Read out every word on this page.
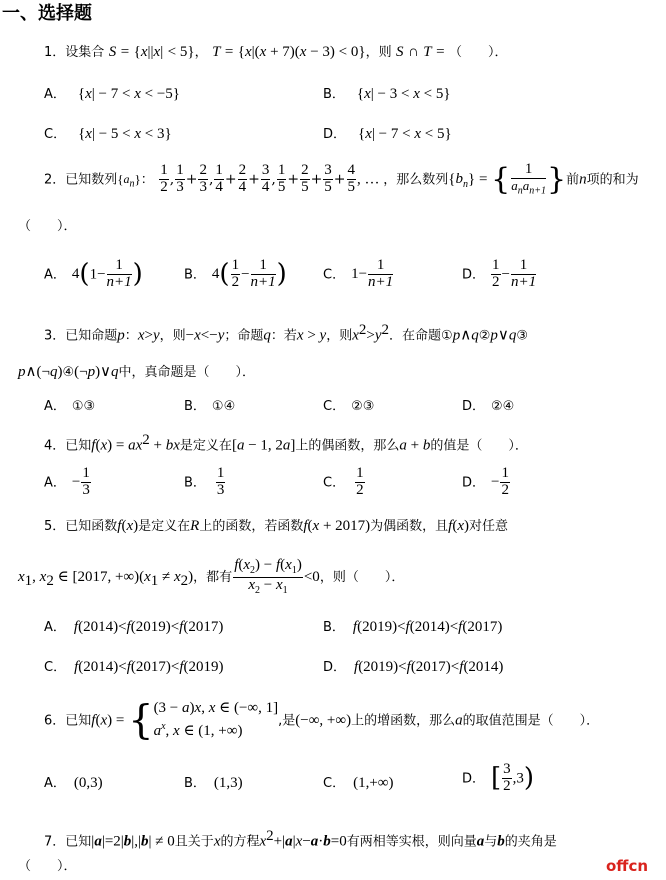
一、选择题
1．设集合 S = {x||x| < 5}， T = {x|(x + 7)(x − 3) < 0}，则 S ∩ T = （　　）．
A． {x| − 7 < x < −5}	B． {x| − 3 < x < 5}
C． {x| − 5 < x < 3}	D． {x| − 7 < x < 5}
2．已知数列$\{a_n\}$： $\frac{1}{2}$ , $\frac{1}{3} + \frac{2}{3}$ , $\frac{1}{4} + \frac{2}{4} + \frac{3}{4}$ , $\frac{1}{5} + \frac{2}{5} + \frac{3}{5} + \frac{4}{5}$ , … ，那么数列$\{b_n\}$ = { $\frac{1}{a_na_{n+1}}$ }前n项的和为
（　　）．
A． $4(1- \frac{1}{n+1}$ )	B． $4( \frac{1}{2} - \frac{1}{n+1}$ )	C． $1- \frac{1}{n+1}$	D． $\frac{1}{2} - \frac{1}{n+1}$
3．已知命题p：x>y，则−x<−y；命题q：若x > y，则$x^2>y^2$．在命题①p∧q②p∨q③
p∧(¬q)④(¬p)∨q中，真命题是（　　）．
A． ①③	B． ①④	C． ②③	D． ②④
4．已知$f(x) = ax^2$ + bx是定义在[a − 1, 2a]上的偶函数，那么a + b的值是（　　）．
A． − $\frac{1}{3}$	B． $\frac{1}{3}$	C． $\frac{1}{2}$	D． − $\frac{1}{2}$
5．已知函数f(x)是定义在R上的函数，若函数f(x + 2017)为偶函数，且f(x)对任意
$x_1$, $x_2$ ∈ [2017, $+\infty)(x_1 \ne x_2)$，都有 $\frac{f(x_2) - f(x_1)}{x_2 - x_1} <0$，则（　　）．
A． f(2014)<f(2019)<f(2017)	B． f(2019)<f(2014)<f(2017)
C． f(2014)<f(2017)<f(2019)	D． f(2019)<f(2017)<f(2014)
6．已知f(x) = { (3 − a)x, x ∈ (−∞, 1]
$a^x$, x ∈ (1, +∞)
,是(−∞, +∞)上的增函数，那么a的取值范围是（　　）．
A． (0,3)	B． (1,3)	C． (1,+∞)	D． [ $\frac{3}{2} ,3$)
7．已知|a|=2|b|,|b| ≠ 0且关于x的方程$x^2+|a|x-a\cdot b=0$有两相等实根，则向量a与b的夹角是
（　　）．	offcn
